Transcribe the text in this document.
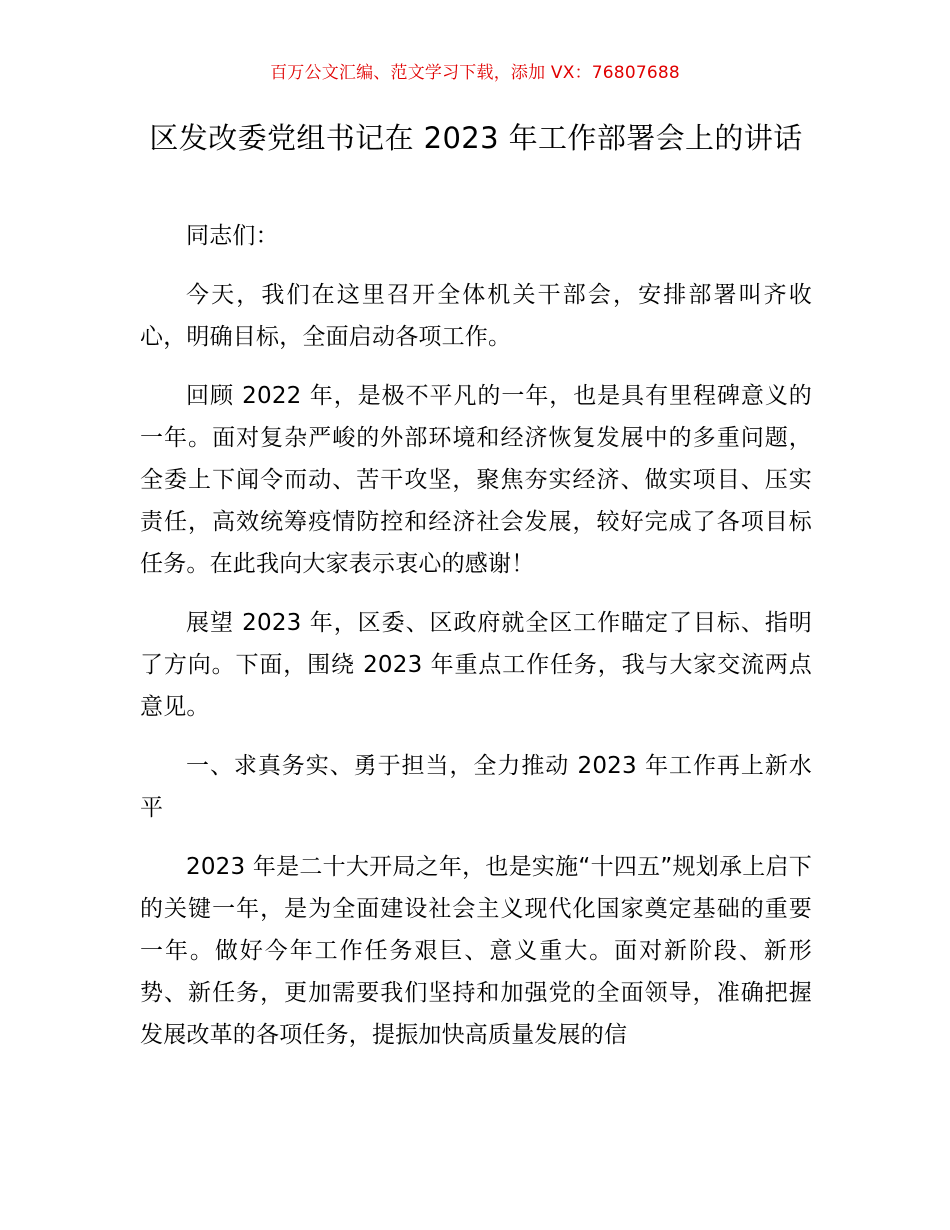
百万公文汇编、范文学习下载，添加 VX：76807688
区发改委党组书记在 2023 年工作部署会上的讲话

同志们：

今天，我们在这里召开全体机关干部会，安排部署叫齐收心，明确目标，全面启动各项工作。

回顾 2022 年，是极不平凡的一年，也是具有里程碑意义的一年。面对复杂严峻的外部环境和经济恢复发展中的多重问题，全委上下闻令而动、苦干攻坚，聚焦夯实经济、做实项目、压实责任，高效统筹疫情防控和经济社会发展，较好完成了各项目标任务。在此我向大家表示衷心的感谢！

展望 2023 年，区委、区政府就全区工作瞄定了目标、指明了方向。下面，围绕 2023 年重点工作任务，我与大家交流两点意见。

一、求真务实、勇于担当，全力推动 2023 年工作再上新水平

2023 年是二十大开局之年，也是实施“十四五”规划承上启下的关键一年，是为全面建设社会主义现代化国家奠定基础的重要一年。做好今年工作任务艰巨、意义重大。面对新阶段、新形势、新任务，更加需要我们坚持和加强党的全面领导，准确把握发展改革的各项任务，提振加快高质量发展的信
